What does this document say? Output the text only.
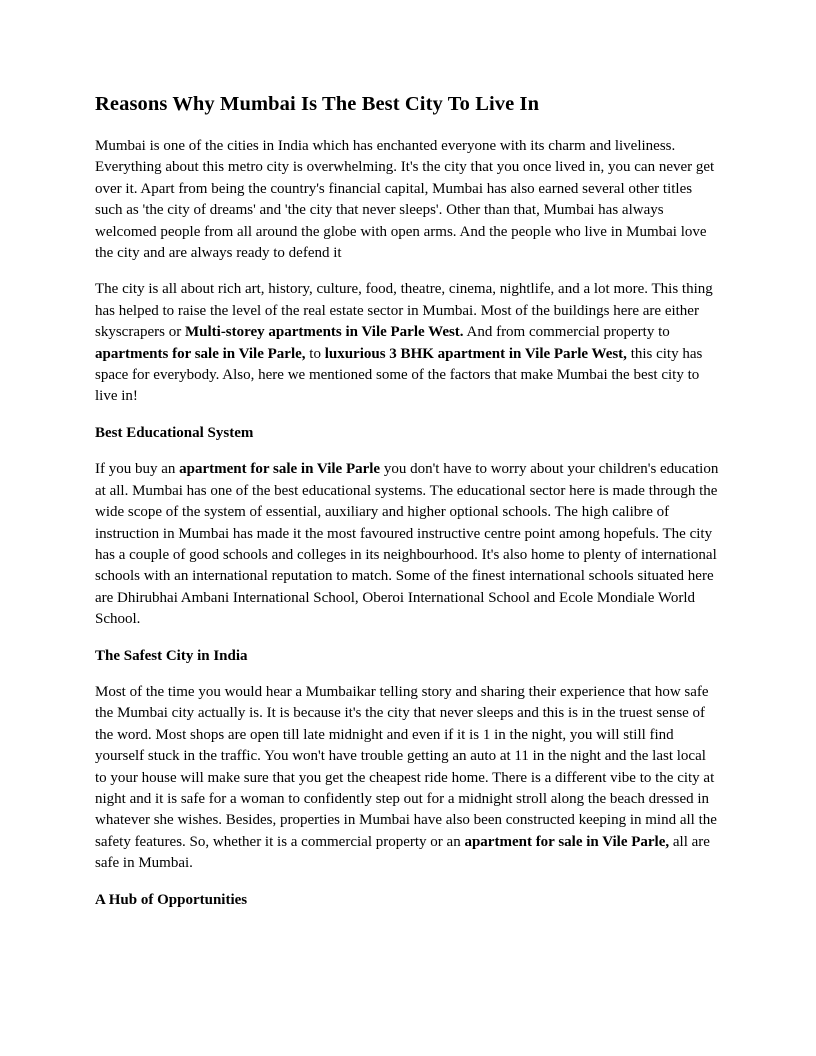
Reasons Why Mumbai Is The Best City To Live In

Mumbai is one of the cities in India which has enchanted everyone with its charm and liveliness. Everything about this metro city is overwhelming. It's the city that you once lived in, you can never get over it. Apart from being the country's financial capital, Mumbai has also earned several other titles such as 'the city of dreams' and 'the city that never sleeps'. Other than that, Mumbai has always welcomed people from all around the globe with open arms. And the people who live in Mumbai love the city and are always ready to defend it

The city is all about rich art, history, culture, food, theatre, cinema, nightlife, and a lot more. This thing has helped to raise the level of the real estate sector in Mumbai. Most of the buildings here are either skyscrapers or Multi-storey apartments in Vile Parle West. And from commercial property to apartments for sale in Vile Parle, to luxurious 3 BHK apartment in Vile Parle West, this city has space for everybody. Also, here we mentioned some of the factors that make Mumbai the best city to live in!

Best Educational System

If you buy an apartment for sale in Vile Parle you don't have to worry about your children's education at all. Mumbai has one of the best educational systems. The educational sector here is made through the wide scope of the system of essential, auxiliary and higher optional schools. The high calibre of instruction in Mumbai has made it the most favoured instructive centre point among hopefuls. The city has a couple of good schools and colleges in its neighbourhood. It's also home to plenty of international schools with an international reputation to match. Some of the finest international schools situated here are Dhirubhai Ambani International School, Oberoi International School and Ecole Mondiale World School.

The Safest City in India

Most of the time you would hear a Mumbaikar telling story and sharing their experience that how safe the Mumbai city actually is. It is because it's the city that never sleeps and this is in the truest sense of the word. Most shops are open till late midnight and even if it is 1 in the night, you will still find yourself stuck in the traffic. You won't have trouble getting an auto at 11 in the night and the last local to your house will make sure that you get the cheapest ride home. There is a different vibe to the city at night and it is safe for a woman to confidently step out for a midnight stroll along the beach dressed in whatever she wishes. Besides, properties in Mumbai have also been constructed keeping in mind all the safety features. So, whether it is a commercial property or an apartment for sale in Vile Parle, all are safe in Mumbai.

A Hub of Opportunities
